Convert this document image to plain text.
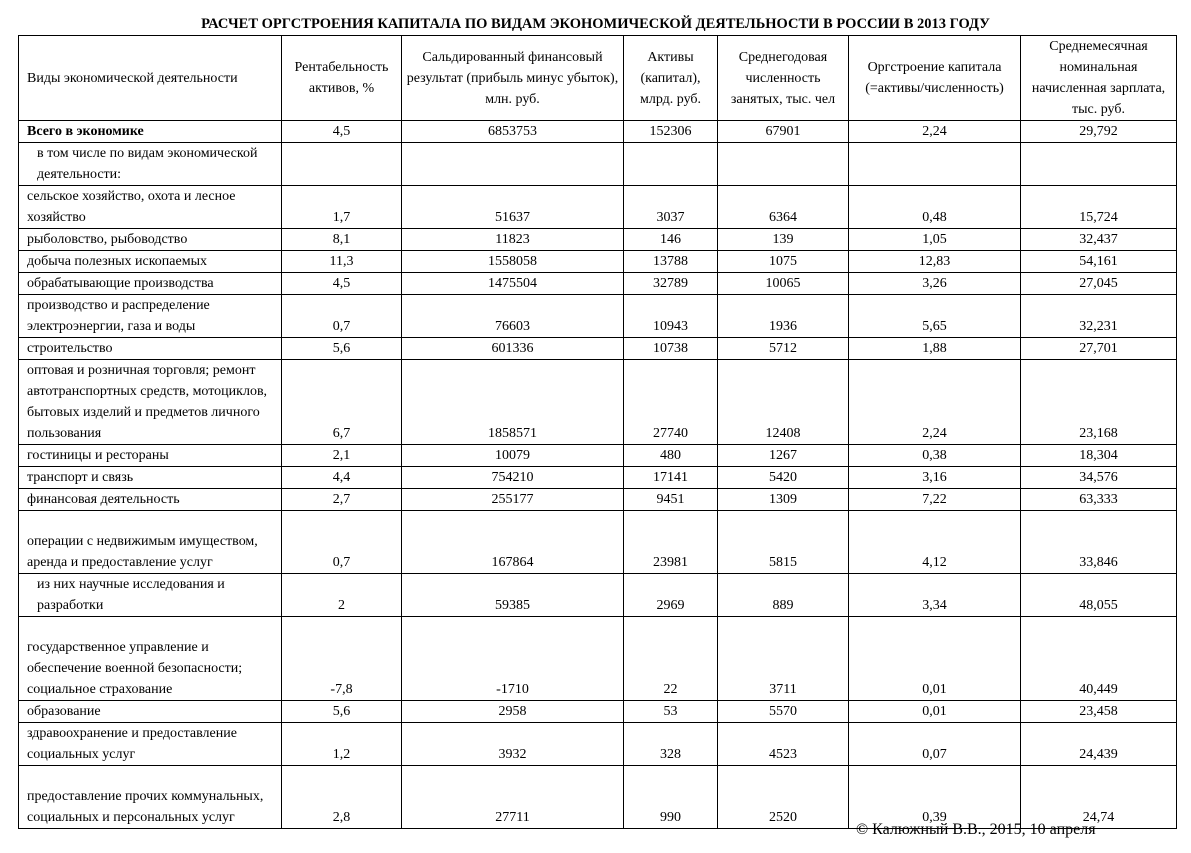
РАСЧЕТ ОРГСТРОЕНИЯ КАПИТАЛА ПО ВИДАМ ЭКОНОМИЧЕСКОЙ ДЕЯТЕЛЬНОСТИ В РОССИИ В 2013 ГОДУ
Виды экономической деятельности	Рентабельность активов, %	Сальдированный финансовый результат (прибыль минус убыток), млн. руб.	Активы (капитал), млрд. руб.	Среднегодовая численность занятых, тыс. чел	Оргстроение капитала (=активы/численность)	Среднемесячная номинальная начисленная зарплата, тыс. руб.
Всего в экономике	4,5	6853753	152306	67901	2,24	29,792
в том числе по видам экономической деятельности:						
сельское хозяйство, охота и лесное хозяйство	1,7	51637	3037	6364	0,48	15,724
рыболовство, рыбоводство	8,1	11823	146	139	1,05	32,437
добыча полезных ископаемых	11,3	1558058	13788	1075	12,83	54,161
обрабатывающие производства	4,5	1475504	32789	10065	3,26	27,045
производство и распределение электроэнергии, газа и воды	0,7	76603	10943	1936	5,65	32,231
строительство	5,6	601336	10738	5712	1,88	27,701
оптовая и розничная торговля; ремонт автотранспортных средств, мотоциклов, бытовых изделий и предметов личного пользования	6,7	1858571	27740	12408	2,24	23,168
гостиницы и рестораны	2,1	10079	480	1267	0,38	18,304
транспорт и связь	4,4	754210	17141	5420	3,16	34,576
финансовая деятельность	2,7	255177	9451	1309	7,22	63,333
операции с недвижимым имуществом, аренда и предоставление услуг	0,7	167864	23981	5815	4,12	33,846
из них научные исследования и разработки	2	59385	2969	889	3,34	48,055
государственное управление и обеспечение военной безопасности; социальное страхование	-7,8	-1710	22	3711	0,01	40,449
образование	5,6	2958	53	5570	0,01	23,458
здравоохранение и предоставление социальных услуг	1,2	3932	328	4523	0,07	24,439
предоставление прочих коммунальных, социальных и персональных услуг	2,8	27711	990	2520	0,39	24,74
© Калюжный В.В., 2015, 10 апреля
